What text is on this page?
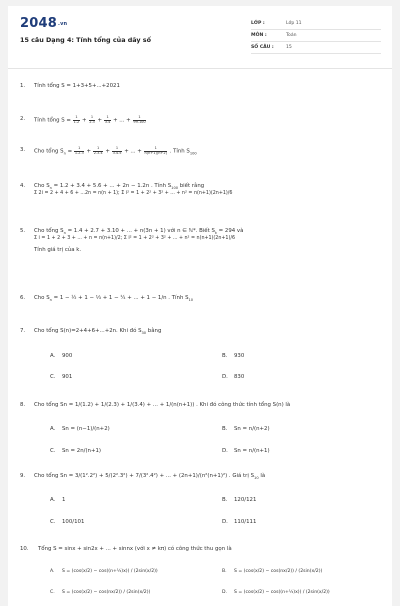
2048.vn
15 câu Dạng 4: Tính tổng của dãy số
LỚP :	Lớp 11
MÔN :	Toán
SỐ CÂU :	15
1.	Tính tổng S = 1+3+5+...+2021
2.	Tính tổng $S = \frac{1}{1.2} + \frac{1}{2.3} + \frac{1}{3.4}$ + ... + $\frac{1}{99.100}$
3.	Cho tổng $S_n = \frac{1}{1.2.3} + \frac{1}{2.3.4} + \frac{1}{3.4.5}$ + ... + $\frac{1}{n(n+1)(n+2)}$ . Tính $S_{100}$
4.	Cho $S_n = 1.2 + 3.4 + 5.6$ + ... + 2n − 1.2n . Tính $S_{100}$ biết rằng
Σ 2i = 2 + 4 + 6 + ...2n = n(n + 1); Σ i² = 1 + 2² + 3² + ... + n² = n(n+1)(2n+1)/6
5.	Cho tổng $S_n = 1.4 + 2.7 + 3.10$ + ... + n(3n + 1) với n ∈ ℕ*. Biết $S_k = 294$ và
Σ i = 1 + 2 + 3 + ... + n = n(n+1)/2; Σ i² = 1 + 2² + 3² + ... + n² = n(n+1)(2n+1)/6
Tính giá trị của k.
6.	Cho $S_n = 1$ − ½ + 1 − ⅓ + 1 − ¼ + ... + 1 − 1/n . Tính $S_{10}$
7.	Cho tổng S(n)=2+4+6+...+2n. Khi đó $S_{30}$ bằng
A. 900	B. 930
C. 901	D. 830
8.	Cho tổng Sn = 1/(1.2) + 1/(2.3) + 1/(3.4) + ... + 1/(n(n+1)) . Khi đó công thức tính tổng S(n) là
A. Sn = (n−1)/(n+2)	B. Sn = n/(n+2)
C. Sn = 2n/(n+1)	D. Sn = n/(n+1)
9.	Cho tổng Sn = 3/(1².2²) + 5/(2².3²) + 7/(3².4²) + ... + (2n+1)/(n²(n+1)²) . Giá trị $S_{10}$ là
A. 1	B. 120/121
C. 100/101	D. 110/111
10.	Tổng S = sinx + sin2x + ... + sinnx (với x ≠ kπ) có công thức thu gọn là
A. S = (cos(x/2) − cos((n+½)x)) / (2sin(x/2))	B. S = (cos(x/2) − cos(nx/2)) / (2sin(x/2))
C. S = (cos(x/2) − cos(nx/2)) / (2sin(x/2))	D. S = (cos(x/2) − cos((n+½)x)) / (2sin(x/2))
